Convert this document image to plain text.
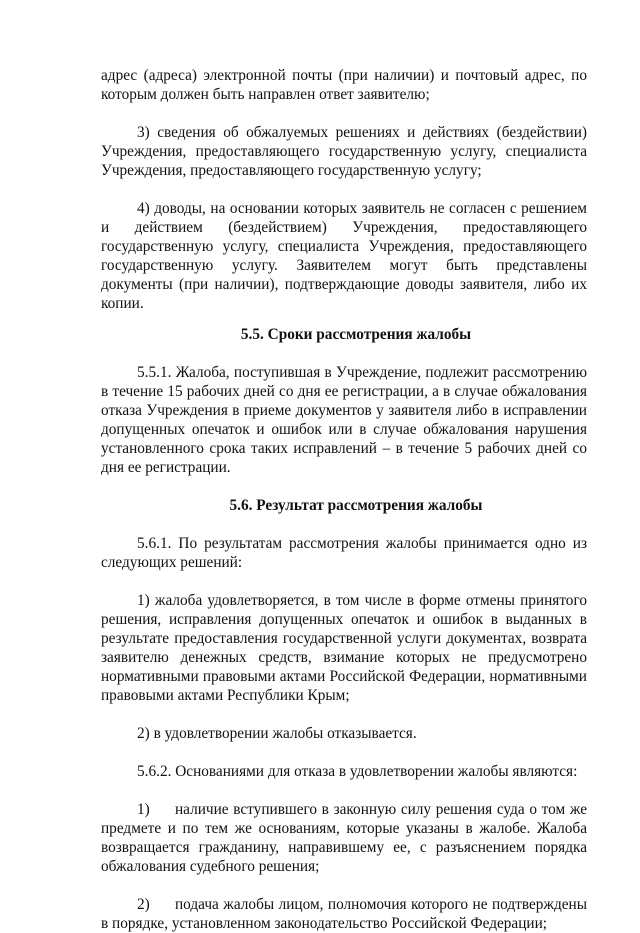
адрес (адреса) электронной почты (при наличии) и почтовый адрес, по которым должен быть направлен ответ заявителю;

3) сведения об обжалуемых решениях и действиях (бездействии) Учреждения, предоставляющего государственную услугу, специалиста Учреждения, предоставляющего государственную услугу;

4) доводы, на основании которых заявитель не согласен с решением и действием (бездействием) Учреждения, предоставляющего государственную услугу, специалиста Учреждения, предоставляющего государственную услугу. Заявителем могут быть представлены документы (при наличии), подтверждающие доводы заявителя, либо их копии.

5.5. Сроки рассмотрения жалобы

5.5.1. Жалоба, поступившая в Учреждение, подлежит рассмотрению в течение 15 рабочих дней со дня ее регистрации, а в случае обжалования отказа Учреждения в приеме документов у заявителя либо в исправлении допущенных опечаток и ошибок или в случае обжалования нарушения установленного срока таких исправлений – в течение 5 рабочих дней со дня ее регистрации.

5.6. Результат рассмотрения жалобы

5.6.1. По результатам рассмотрения жалобы принимается одно из следующих решений:

1) жалоба удовлетворяется, в том числе в форме отмены принятого решения, исправления допущенных опечаток и ошибок в выданных в результате предоставления государственной услуги документах, возврата заявителю денежных средств, взимание которых не предусмотрено нормативными правовыми актами Российской Федерации, нормативными правовыми актами Республики Крым;

2) в удовлетворении жалобы отказывается.

5.6.2. Основаниями для отказа в удовлетворении жалобы являются:

1) наличие вступившего в законную силу решения суда о том же предмете и по тем же основаниям, которые указаны в жалобе. Жалоба возвращается гражданину, направившему ее, с разъяснением порядка обжалования судебного решения;

2) подача жалобы лицом, полномочия которого не подтверждены в порядке, установленном законодательство Российской Федерации;
